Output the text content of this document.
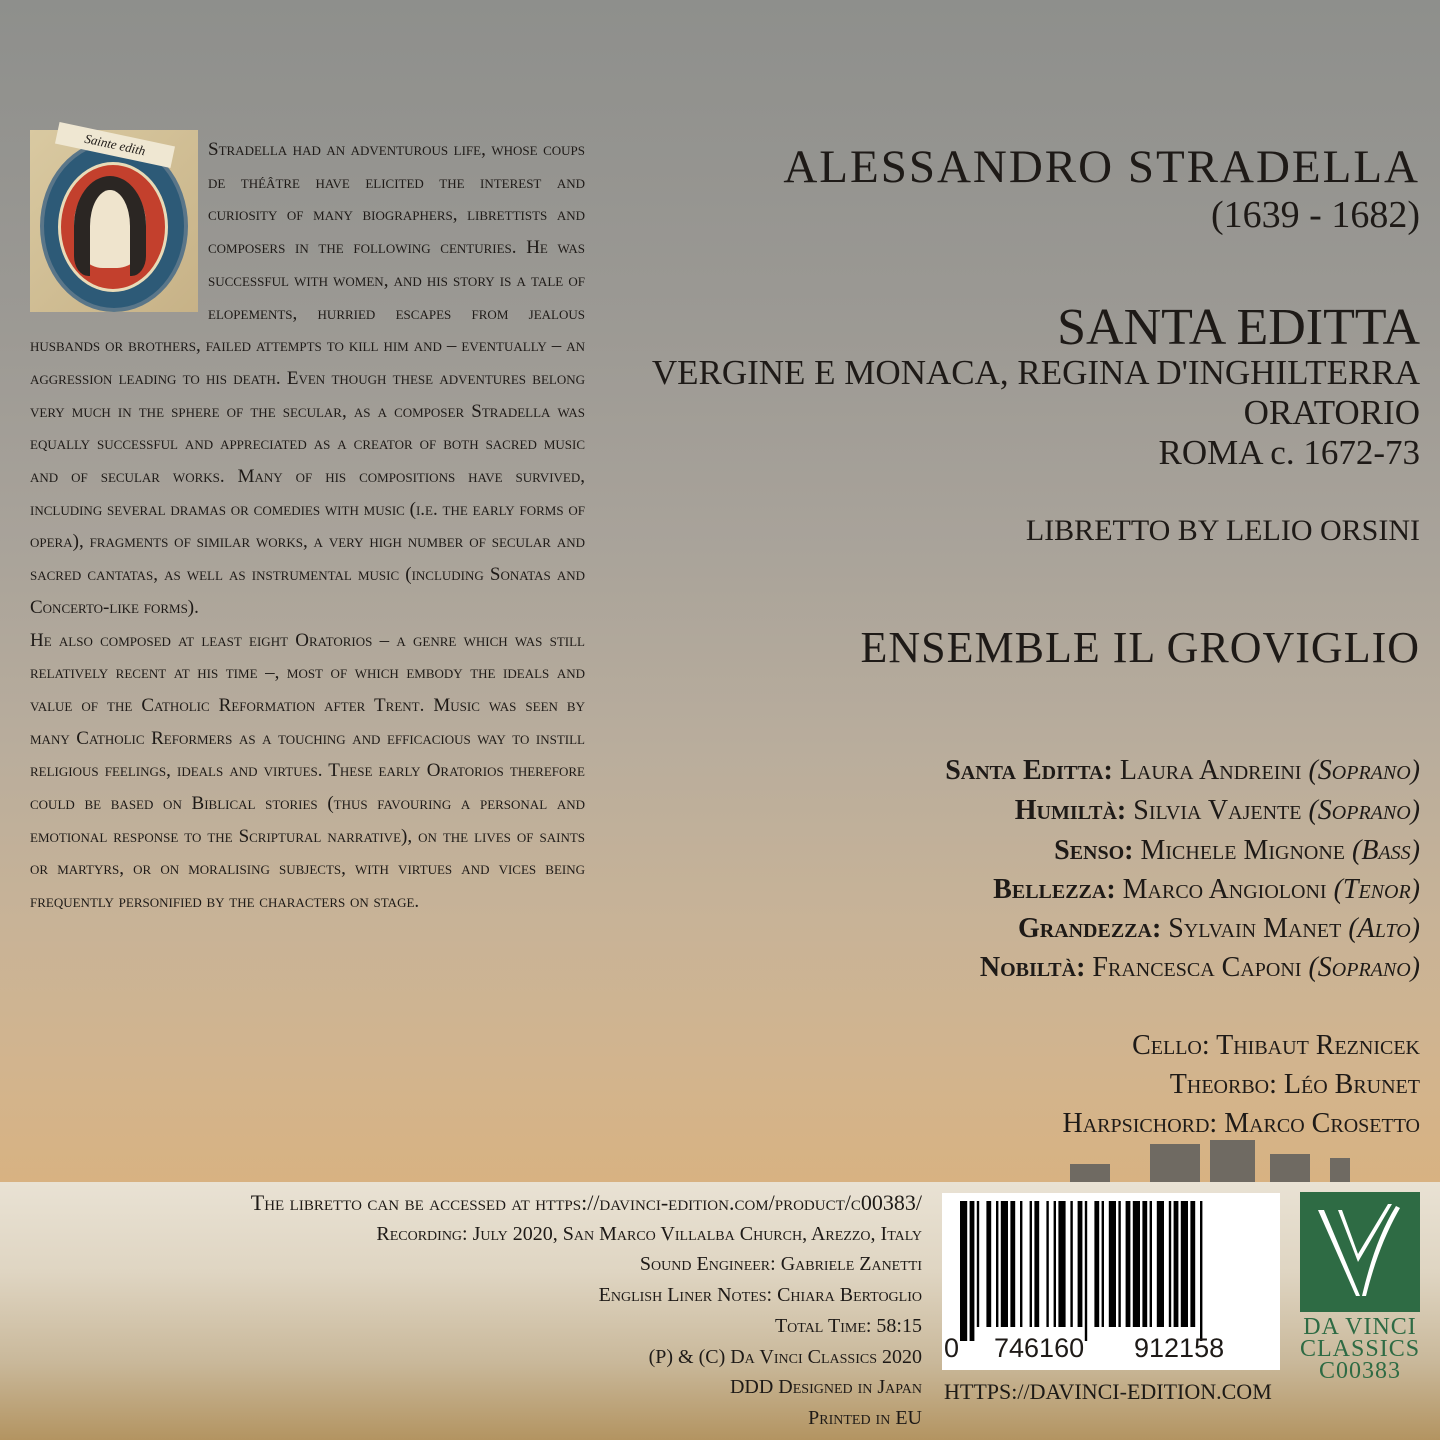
Sainte edith	Stradella had an adventurous life, whose coups de théâtre have elicited the interest and curiosity of many biographers, librettists and composers in the following centuries. He was successful with women, and his story is a tale of elopements, hurried escapes from jealous husbands or brothers, failed attempts to kill him and – eventually – an aggression leading to his death. Even though these adventures belong very much in the sphere of the secular, as a composer Stradella was equally successful and appreciated as a creator of both sacred music and of secular works. Many of his compositions have survived, including several dramas or comedies with music (i.e. the early forms of opera), fragments of similar works, a very high number of secular and sacred cantatas, as well as instrumental music (including Sonatas and Concerto-like forms).

He also composed at least eight Oratorios – a genre which was still relatively recent at his time –, most of which embody the ideals and value of the Catholic Reformation after Trent. Music was seen by many Catholic Reformers as a touching and efficacious way to instill religious feelings, ideals and virtues. These early Oratorios therefore could be based on Biblical stories (thus favouring a personal and emotional response to the Scriptural narrative), on the lives of saints or martyrs, or on moralising subjects, with virtues and vices being frequently personified by the characters on stage.

ALESSANDRO STRADELLA
(1639 - 1682)
SANTA EDITTA
VERGINE E MONACA, REGINA D'INGHILTERRA
ORATORIO
ROMA c. 1672-73
LIBRETTO BY LELIO ORSINI
ENSEMBLE IL GROVIGLIO
Santa Editta: Laura Andreini (Soprano)
Humiltà: Silvia Vajente (Soprano)
Senso: Michele Mignone (Bass)
Bellezza: Marco Angioloni (Tenor)
Grandezza: Sylvain Manet (Alto)
Nobiltà: Francesca Caponi (Soprano)
Cello: Thibaut Reznicek
Theorbo: Léo Brunet
Harpsichord: Marco Crosetto
The libretto can be accessed at https://davinci-edition.com/product/c00383/
Recording: July 2020, San Marco Villalba Church, Arezzo, Italy
Sound Engineer: Gabriele Zanetti
English Liner Notes: Chiara Bertoglio
Total Time: 58:15
(P) & (C) Da Vinci Classics 2020
DDD Designed in Japan
Printed in EU
0 746160 912158
HTTPS://DAVINCI-EDITION.COM
DA VINCI
CLASSICS
C00383
